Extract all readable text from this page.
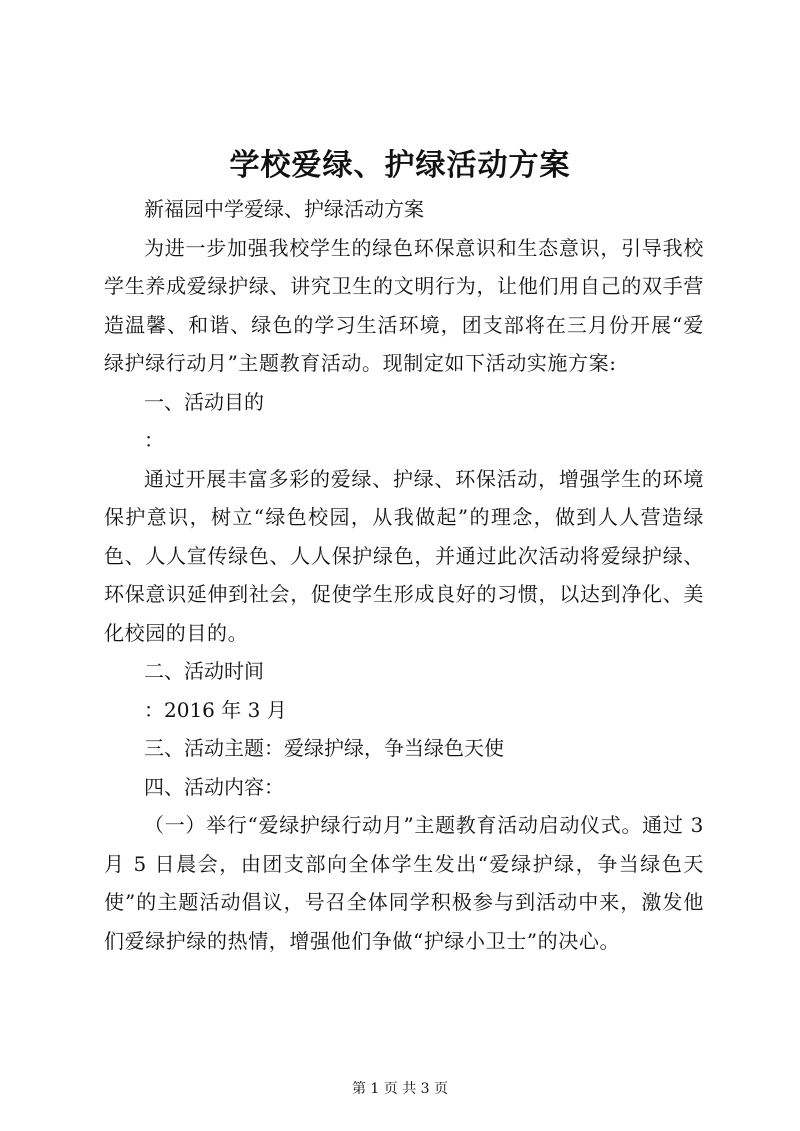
学校爱绿、护绿活动方案

新福园中学爱绿、护绿活动方案

为进一步加强我校学生的绿色环保意识和生态意识，引导我校学生养成爱绿护绿、讲究卫生的文明行为，让他们用自己的双手营造温馨、和谐、绿色的学习生活环境，团支部将在三月份开展“爱绿护绿行动月”主题教育活动。现制定如下活动实施方案:

一、活动目的

：

通过开展丰富多彩的爱绿、护绿、环保活动，增强学生的环境保护意识，树立“绿色校园，从我做起”的理念，做到人人营造绿色、人人宣传绿色、人人保护绿色，并通过此次活动将爱绿护绿、环保意识延伸到社会，促使学生形成良好的习惯，以达到净化、美化校园的目的。

二、活动时间

：2016 年 3 月

三、活动主题：爱绿护绿，争当绿色天使

四、活动内容：

（一）举行“爱绿护绿行动月”主题教育活动启动仪式。通过 3 月 5 日晨会，由团支部向全体学生发出“爱绿护绿，争当绿色天使”的主题活动倡议，号召全体同学积极参与到活动中来，激发他们爱绿护绿的热情，增强他们争做“护绿小卫士”的决心。

第 1 页 共 3 页
